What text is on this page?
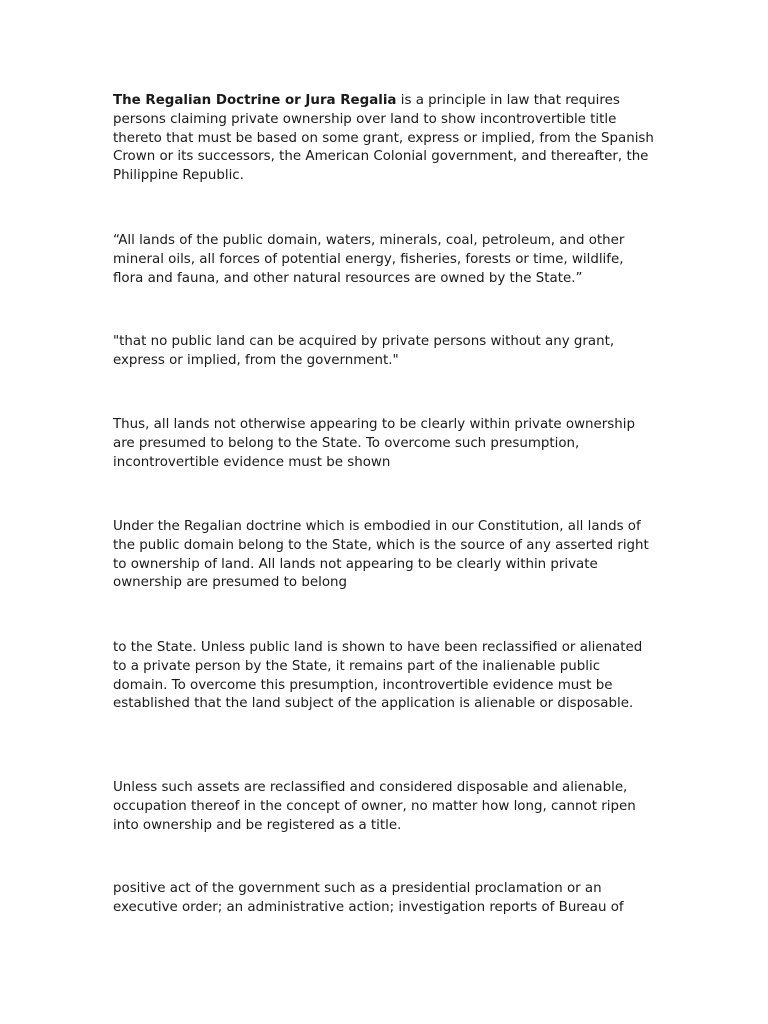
The Regalian Doctrine or Jura Regalia is a principle in law that requires persons claiming private ownership over land to show incontrovertible title thereto that must be based on some grant, express or implied, from the Spanish Crown or its successors, the American Colonial government, and thereafter, the Philippine Republic.

“All lands of the public domain, waters, minerals, coal, petroleum, and other mineral oils, all forces of potential energy, fisheries, forests or time, wildlife, flora and fauna, and other natural resources are owned by the State.”

"that no public land can be acquired by private persons without any grant, express or implied, from the government."

Thus, all lands not otherwise appearing to be clearly within private ownership are presumed to belong to the State. To overcome such presumption, incontrovertible evidence must be shown

Under the Regalian doctrine which is embodied in our Constitution, all lands of the public domain belong to the State, which is the source of any asserted right to ownership of land. All lands not appearing to be clearly within private ownership are presumed to belong

to the State. Unless public land is shown to have been reclassified or alienated to a private person by the State, it remains part of the inalienable public domain. To overcome this presumption, incontrovertible evidence must be established that the land subject of the application is alienable or disposable.

Unless such assets are reclassified and considered disposable and alienable, occupation thereof in the concept of owner, no matter how long, cannot ripen into ownership and be registered as a title.

positive act of the government such as a presidential proclamation or an executive order; an administrative action; investigation reports of Bureau of
